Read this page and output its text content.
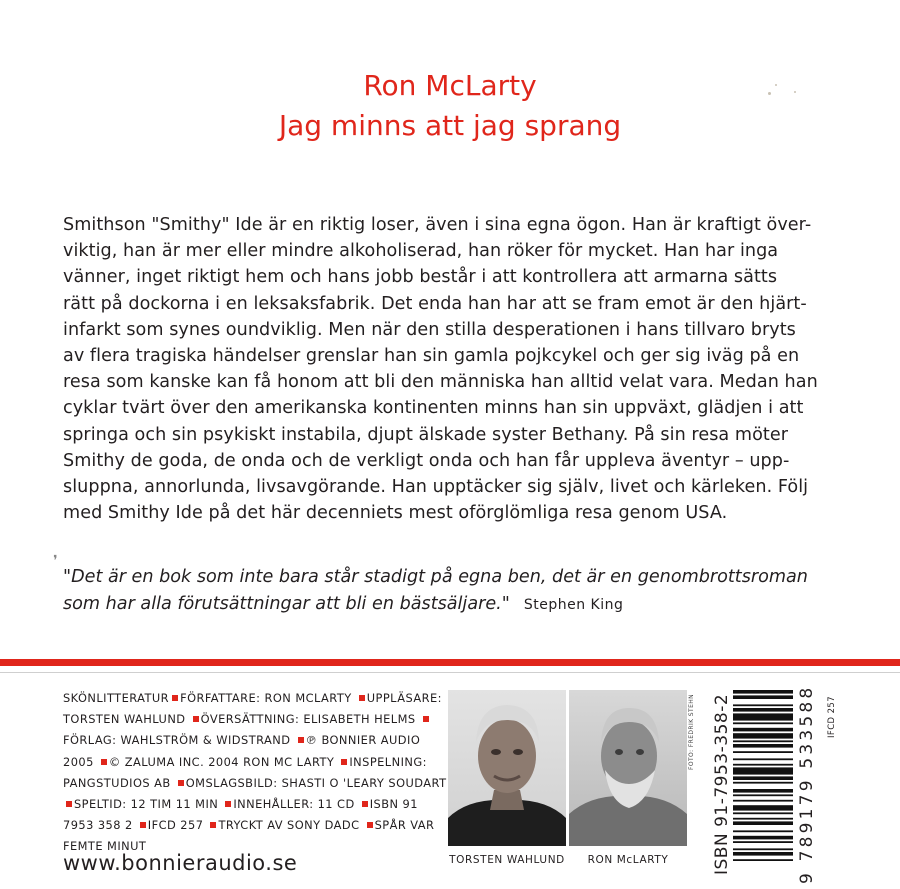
Ron McLarty
Jag minns att jag sprang
Smithson "Smithy" Ide är en riktig loser, även i sina egna ögon. Han är kraftigt över-
viktig, han är mer eller mindre alkoholiserad, han röker för mycket. Han har inga
vänner, inget riktigt hem och hans jobb består i att kontrollera att armarna sätts
rätt på dockorna i en leksaksfabrik. Det enda han har att se fram emot är den hjärt-
infarkt som synes oundviklig. Men när den stilla desperationen i hans tillvaro bryts
av flera tragiska händelser grenslar han sin gamla pojkcykel och ger sig iväg på en
resa som kanske kan få honom att bli den människa han alltid velat vara. Medan han
cyklar tvärt över den amerikanska kontinenten minns han sin uppväxt, glädjen i att
springa och sin psykiskt instabila, djupt älskade syster Bethany. På sin resa möter
Smithy de goda, de onda och de verkligt onda och han får uppleva äventyr – upp-
sluppna, annorlunda, livsavgörande. Han upptäcker sig själv, livet och kärleken. Följ
med Smithy Ide på det här decenniets mest oförglömliga resa genom USA.
❜
"Det är en bok som inte bara står stadigt på egna ben, det är en genombrottsroman
som har alla förutsättningar att bli en bästsäljare." Stephen King
SKÖNLITTERATUR FÖRFATTARE: RON MCLARTY UPPLÄSARE: TORSTEN WAHLUND ÖVERSÄTTNING: ELISABETH HELMS FÖRLAG: WAHLSTRÖM & WIDSTRAND ℗ BONNIER AUDIO 2005 © ZALUMA INC. 2004 RON MC LARTY INSPELNING: PANGSTUDIOS AB OMSLAGSBILD: SHASTI O 'LEARY SOUDART SPELTID: 12 TIM 11 MIN INNEHÅLLER: 11 CD ISBN 91 7953 358 2 IFCD 257 TRYCKT AV SONY DADC SPÅR VAR FEMTE MINUT
www.bonnieraudio.se	TORSTEN WAHLUND	RON McLARTY
FOTO: FREDRIK STEHN ISBN 91-7953-358-2	9 789179 533588 IFCD 257
